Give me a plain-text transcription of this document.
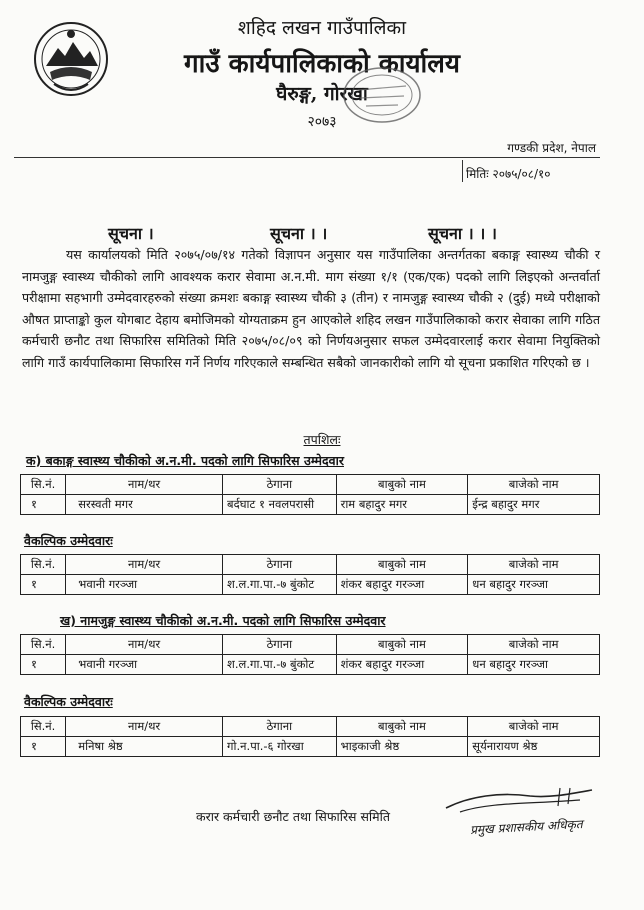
शहिद लखन गाउँपालिका
गाउँ कार्यपालिकाको कार्यालय
घैरुङ्ग, गोरखा
२०७३
गण्डकी प्रदेश, नेपाल
मितिः २०७५/०८/१०
सूचना ।	सूचना । ।	सूचना । । ।
यस कार्यालयको मिति २०७५/०७/१४ गतेको विज्ञापन अनुसार यस गाउँपालिका अन्तर्गतका बकाङ्ग स्वास्थ्य चौकी र नामजुङ्ग स्वास्थ्य चौकीको लागि आवश्यक करार सेवामा अ.न.मी. माग संख्या १/१ (एक/एक) पदको लागि लिइएको अन्तर्वार्ता परीक्षामा सहभागी उम्मेदवारहरुको संख्या क्रमशः बकाङ्ग स्वास्थ्य चौकी ३ (तीन) र नामजुङ्ग स्वास्थ्य चौकी २ (दुई) मध्ये परीक्षाको औषत प्राप्ताङ्को कुल योगबाट देहाय बमोजिमको योग्यताक्रम हुन आएकोले शहिद लखन गाउँपालिकाको करार सेवाका लागि गठित कर्मचारी छनौट तथा सिफारिस समितिको मिति २०७५/०८/०९ को निर्णयअनुसार सफल उम्मेदवारलाई करार सेवामा नियुक्तिको लागि गाउँ कार्यपालिकामा सिफारिस गर्ने निर्णय गरिएकाले सम्बन्धित सबैको जानकारीको लागि यो सूचना प्रकाशित गरिएको छ ।
तपशिलः
क) बकाङ्ग स्वास्थ्य चौकीको अ.न.मी. पदको लागि सिफारिस उम्मेदवार
सि.नं.	नाम/थर	ठेगाना	बाबुको नाम	बाजेको नाम
१	सरस्वती मगर	बर्दघाट १ नवलपरासी	राम बहादुर मगर	ईन्द्र बहादुर मगर
वैकल्पिक उम्मेदवारः
सि.नं.	नाम/थर	ठेगाना	बाबुको नाम	बाजेको नाम
१	भवानी गरञ्जा	श.ल.गा.पा.-७ बुंकोट	शंकर बहादुर गरञ्जा	धन बहादुर गरञ्जा
ख) नामजुङ्ग स्वास्थ्य चौकीको अ.न.मी. पदको लागि सिफारिस उम्मेदवार
सि.नं.	नाम/थर	ठेगाना	बाबुको नाम	बाजेको नाम
१	भवानी गरञ्जा	श.ल.गा.पा.-७ बुंकोट	शंकर बहादुर गरञ्जा	धन बहादुर गरञ्जा
वैकल्पिक उम्मेदवारः
सि.नं.	नाम/थर	ठेगाना	बाबुको नाम	बाजेको नाम
१	मनिषा श्रेष्ठ	गो.न.पा.-६ गोरखा	भाइकाजी श्रेष्ठ	सूर्यनारायण श्रेष्ठ
करार कर्मचारी छनौट तथा सिफारिस समिति
प्रमुख प्रशासकीय अधिकृत
